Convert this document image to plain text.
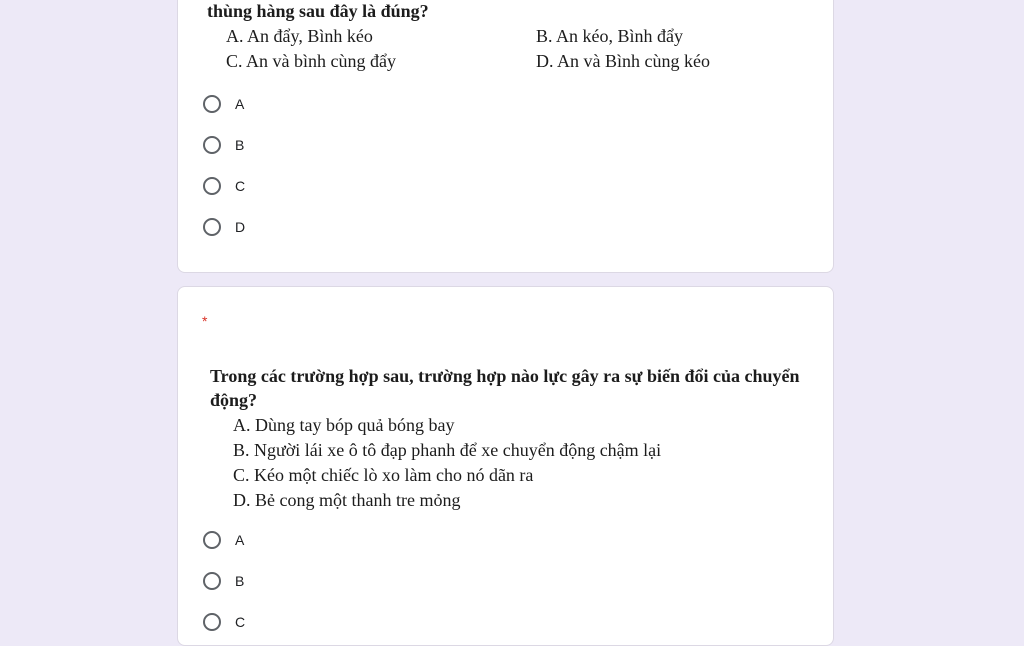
thùng hàng sau đây là đúng?
A. An đẩy, Bình kéo	B. An kéo, Bình đẩy
C. An và bình cùng đẩy	D. An và Bình cùng kéo
A
B
C
D
*
Trong các trường hợp sau, trường hợp nào lực gây ra sự biến đổi của chuyển
động?
A. Dùng tay bóp quả bóng bay
B. Người lái xe ô tô đạp phanh để xe chuyển động chậm lại
C. Kéo một chiếc lò xo làm cho nó dãn ra
D. Bẻ cong một thanh tre mỏng
A
B
C
